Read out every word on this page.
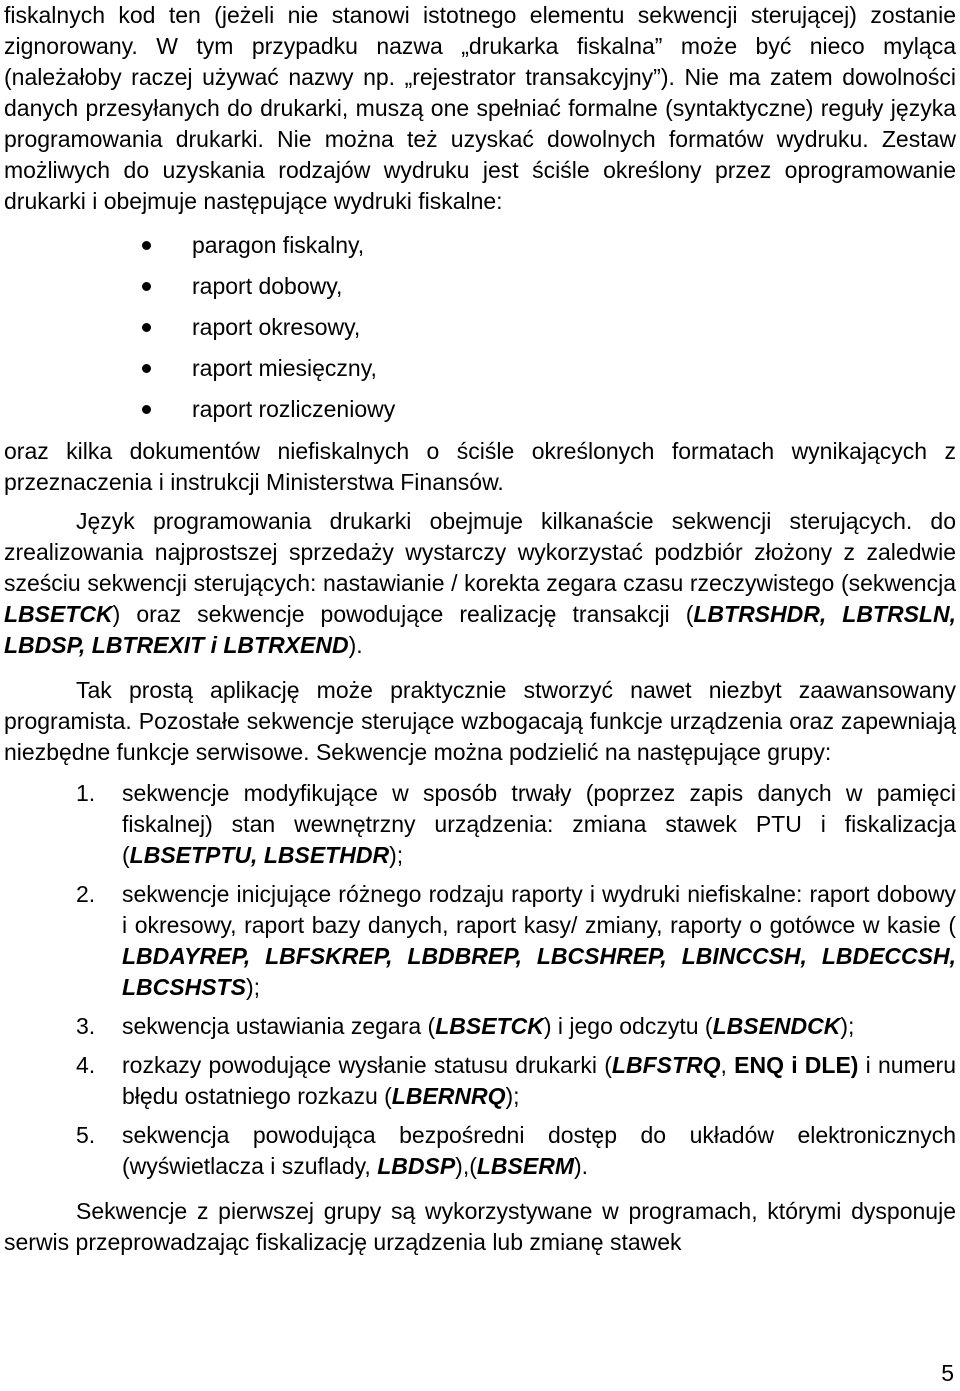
fiskalnych kod ten (jeżeli nie stanowi istotnego elementu sekwencji sterującej) zostanie zignorowany. W tym przypadku nazwa „drukarka fiskalna” może być nieco myląca (należałoby raczej używać nazwy np. „rejestrator transakcyjny”). Nie ma zatem dowolności danych przesyłanych do drukarki, muszą one spełniać formalne (syntaktyczne) reguły języka programowania drukarki. Nie można też uzyskać dowolnych formatów wydruku. Zestaw możliwych do uzyskania rodzajów wydruku jest ściśle określony przez oprogramowanie drukarki i obejmuje następujące wydruki fiskalne:

paragon fiskalny,
raport dobowy,
raport okresowy,
raport miesięczny,
raport rozliczeniowy

oraz kilka dokumentów niefiskalnych o ściśle określonych formatach wynikających z przeznaczenia i instrukcji Ministerstwa Finansów.

Język programowania drukarki obejmuje kilkanaście sekwencji sterujących. do zrealizowania najprostszej sprzedaży wystarczy wykorzystać podzbiór złożony z zaledwie sześciu sekwencji sterujących: nastawianie / korekta zegara czasu rzeczywistego (sekwencja LBSETCK) oraz sekwencje powodujące realizację transakcji (LBTRSHDR, LBTRSLN, LBDSP, LBTREXIT i LBTRXEND).

Tak prostą aplikację może praktycznie stworzyć nawet niezbyt zaawansowany programista. Pozostałe sekwencje sterujące wzbogacają funkcje urządzenia oraz zapewniają niezbędne funkcje serwisowe. Sekwencje można podzielić na następujące grupy:

1. sekwencje modyfikujące w sposób trwały (poprzez zapis danych w pamięci fiskalnej) stan wewnętrzny urządzenia: zmiana stawek PTU i fiskalizacja (LBSETPTU, LBSETHDR);

2. sekwencje inicjujące różnego rodzaju raporty i wydruki niefiskalne: raport dobowy i okresowy, raport bazy danych, raport kasy/ zmiany, raporty o gotówce w kasie ( LBDAYREP, LBFSKREP, LBDBREP, LBCSHREP, LBINCCSH, LBDECCSH, LBCSHSTS);

3. sekwencja ustawiania zegara (LBSETCK) i jego odczytu (LBSENDCK);

4. rozkazy powodujące wysłanie statusu drukarki (LBFSTRQ, ENQ i DLE) i numeru błędu ostatniego rozkazu (LBERNRQ);

5. sekwencja powodująca bezpośredni dostęp do układów elektronicznych (wyświetlacza i szuflady, LBDSP),(LBSERM).

Sekwencje z pierwszej grupy są wykorzystywane w programach, którymi dysponuje serwis przeprowadzając fiskalizację urządzenia lub zmianę stawek

5
